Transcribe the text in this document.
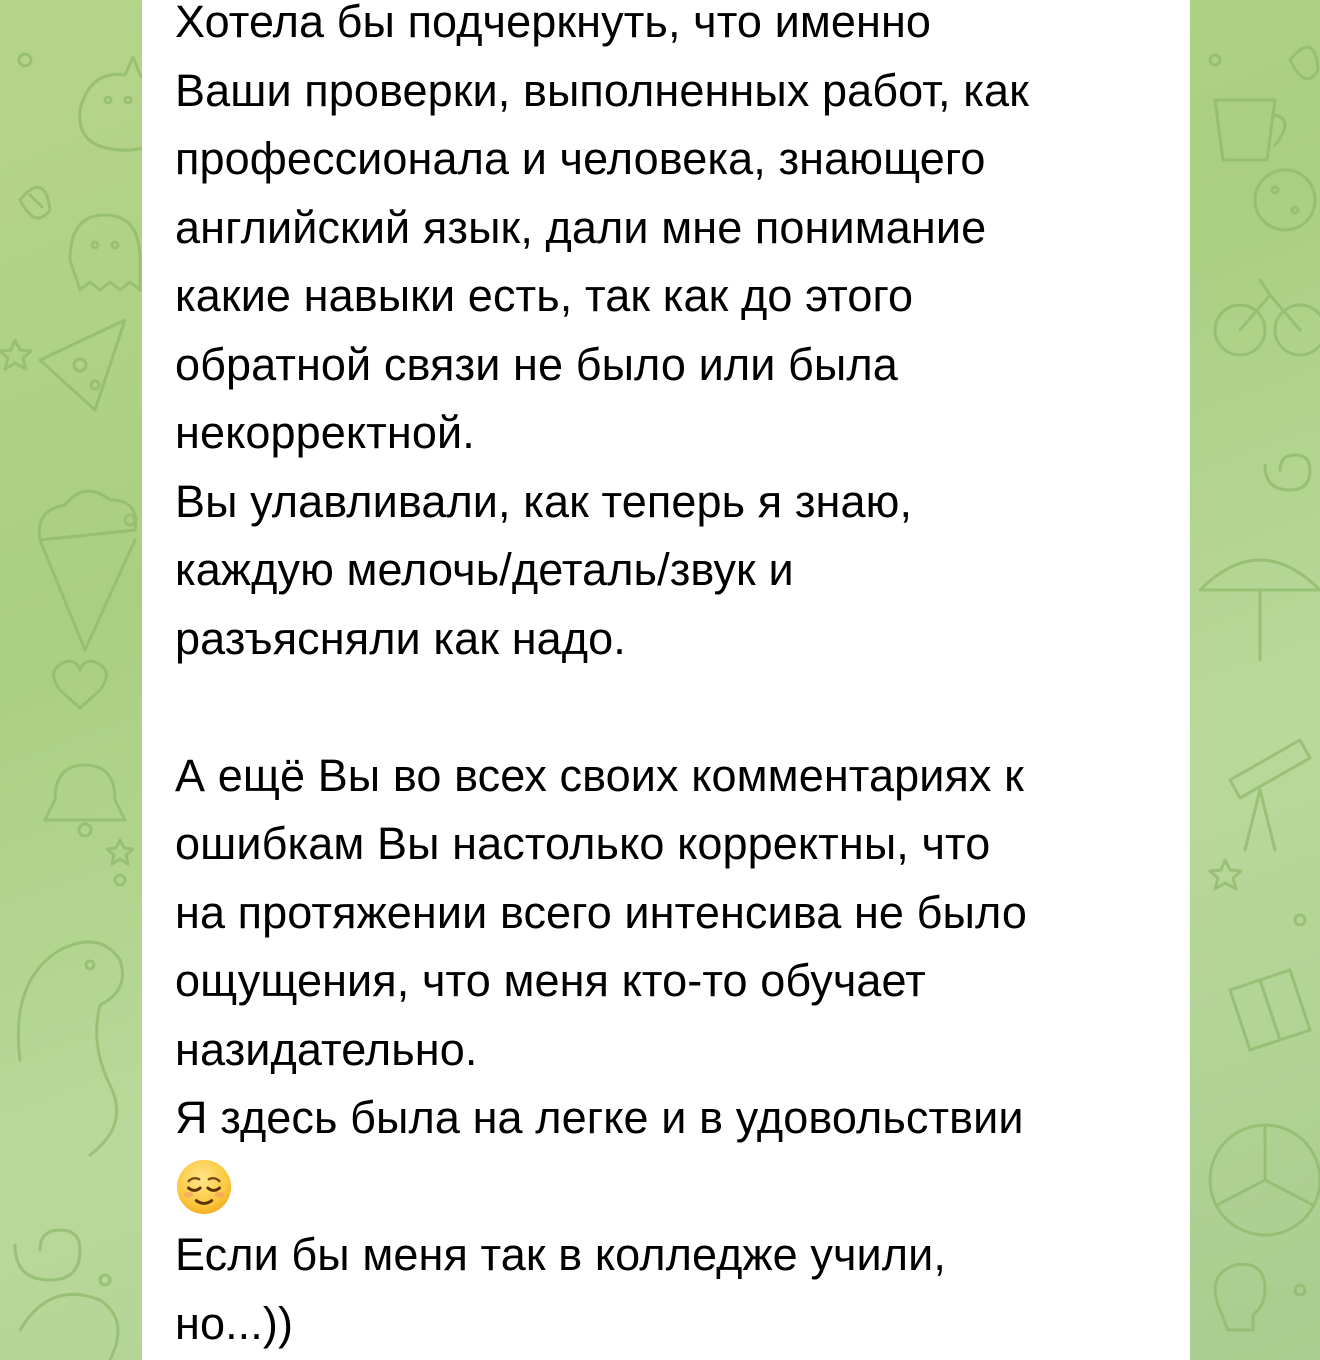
Хотела бы подчеркнуть, что именно
Ваши проверки, выполненных работ, как
профессионала и человека, знающего
английский язык, дали мне понимание
какие навыки есть, так как до этого
обратной связи не было или была
некорректной.
Вы улавливали, как теперь я знаю,
каждую мелочь/деталь/звук и
разъясняли как надо.
А ещё Вы во всех своих комментариях к
ошибкам Вы настолько корректны, что
на протяжении всего интенсива не было
ощущения, что меня кто-то обучает
назидательно.
Я здесь была на легке и в удовольствии
Если бы меня так в колледже учили,
но...))
